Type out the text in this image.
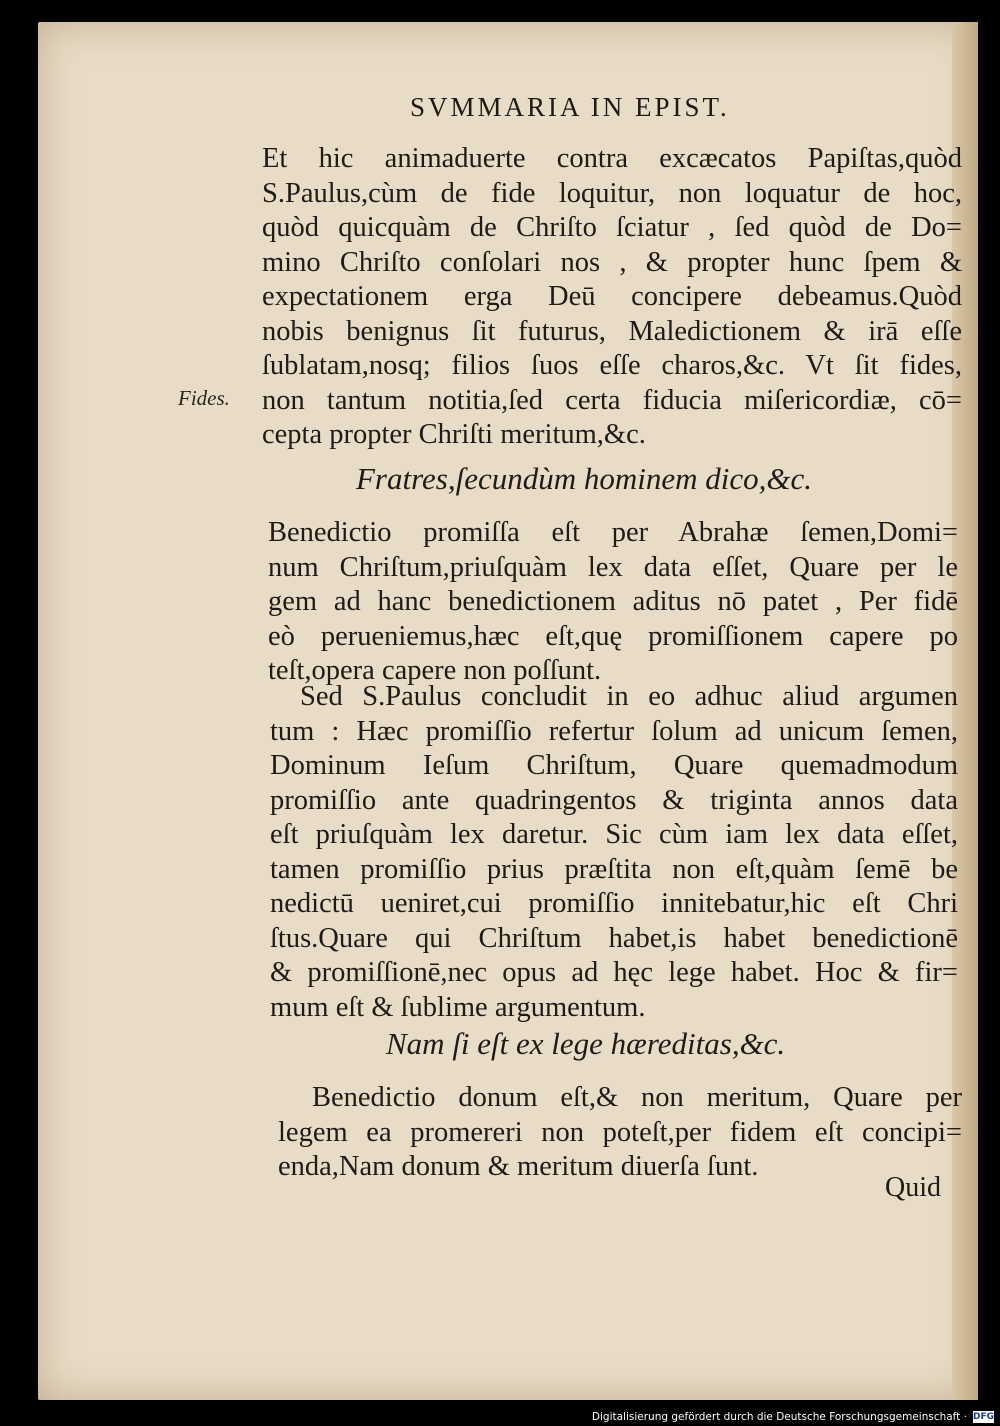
SVMMARIA IN EPIST.
Fides.
Et hic animaduerte contra excæcatos Papiſtas,quòd
S.Paulus,cùm de fide loquitur, non loquatur de hoc,
quòd quicquàm de Chriſto ſciatur , ſed quòd de Do=
mino Chriſto conſolari nos , & propter hunc ſpem &
expectationem erga Deū concipere debeamus.Quòd
nobis benignus ſit futurus, Maledictionem & irā eſſe
ſublatam,nosq; filios ſuos eſſe charos,&c. Vt ſit fides,
non tantum notitia,ſed certa fiducia miſericordiæ, cō=
cepta propter Chriſti meritum,&c.
Fratres,ſecundùm hominem dico,&c.
Benedictio promiſſa eſt per Abrahæ ſemen,Domi=
num Chriſtum,priuſquàm lex data eſſet, Quare per le
gem ad hanc benedictionem aditus nō patet , Per fidē
eò perueniemus,hæc eſt,quę promiſſionem capere po
teſt,opera capere non poſſunt.
Sed S.Paulus concludit in eo adhuc aliud argumen
tum : Hæc promiſſio refertur ſolum ad unicum ſemen,
Dominum Ieſum Chriſtum, Quare quemadmodum
promiſſio ante quadringentos & triginta annos data
eſt priuſquàm lex daretur. Sic cùm iam lex data eſſet,
tamen promiſſio prius præſtita non eſt,quàm ſemē be
nedictū ueniret,cui promiſſio innitebatur,hic eſt Chri
ſtus.Quare qui Chriſtum habet,is habet benedictionē
& promiſſionē,nec opus ad hęc lege habet. Hoc & fir=
mum eſt & ſublime argumentum.
Nam ſi eſt ex lege hæreditas,&c.
Benedictio donum eſt,& non meritum, Quare per
legem ea promereri non poteſt,per fidem eſt concipi=
enda,Nam donum & meritum diuerſa ſunt.
Quid
Digitalisierung gefördert durch die Deutsche Forschungsgemeinschaft · DFG
